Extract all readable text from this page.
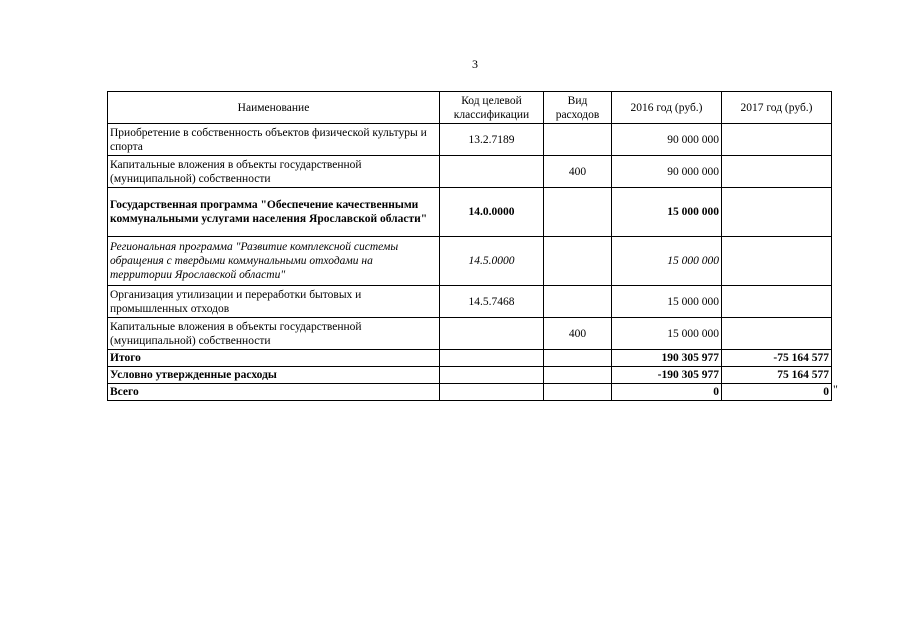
3
Наименование	Код целевой классификации	Вид расходов	2016 год (руб.)	2017 год (руб.)
Приобретение в собственность объектов физической культуры и спорта	13.2.7189		90 000 000	
Капитальные вложения в объекты государственной (муниципальной) собственности		400	90 000 000	
Государственная программа "Обеспечение качественными коммунальными услугами населения Ярославской области"	14.0.0000		15 000 000	
Региональная программа "Развитие комплексной системы обращения с твердыми коммунальными отходами на территории Ярославской области"	14.5.0000		15 000 000	
Организация утилизации и переработки бытовых и промышленных отходов	14.5.7468		15 000 000	
Капитальные вложения в объекты государственной (муниципальной) собственности		400	15 000 000	
Итого			190 305 977	-75 164 577
Условно утвержденные расходы			-190 305 977	75 164 577
Всего			0	0 "
